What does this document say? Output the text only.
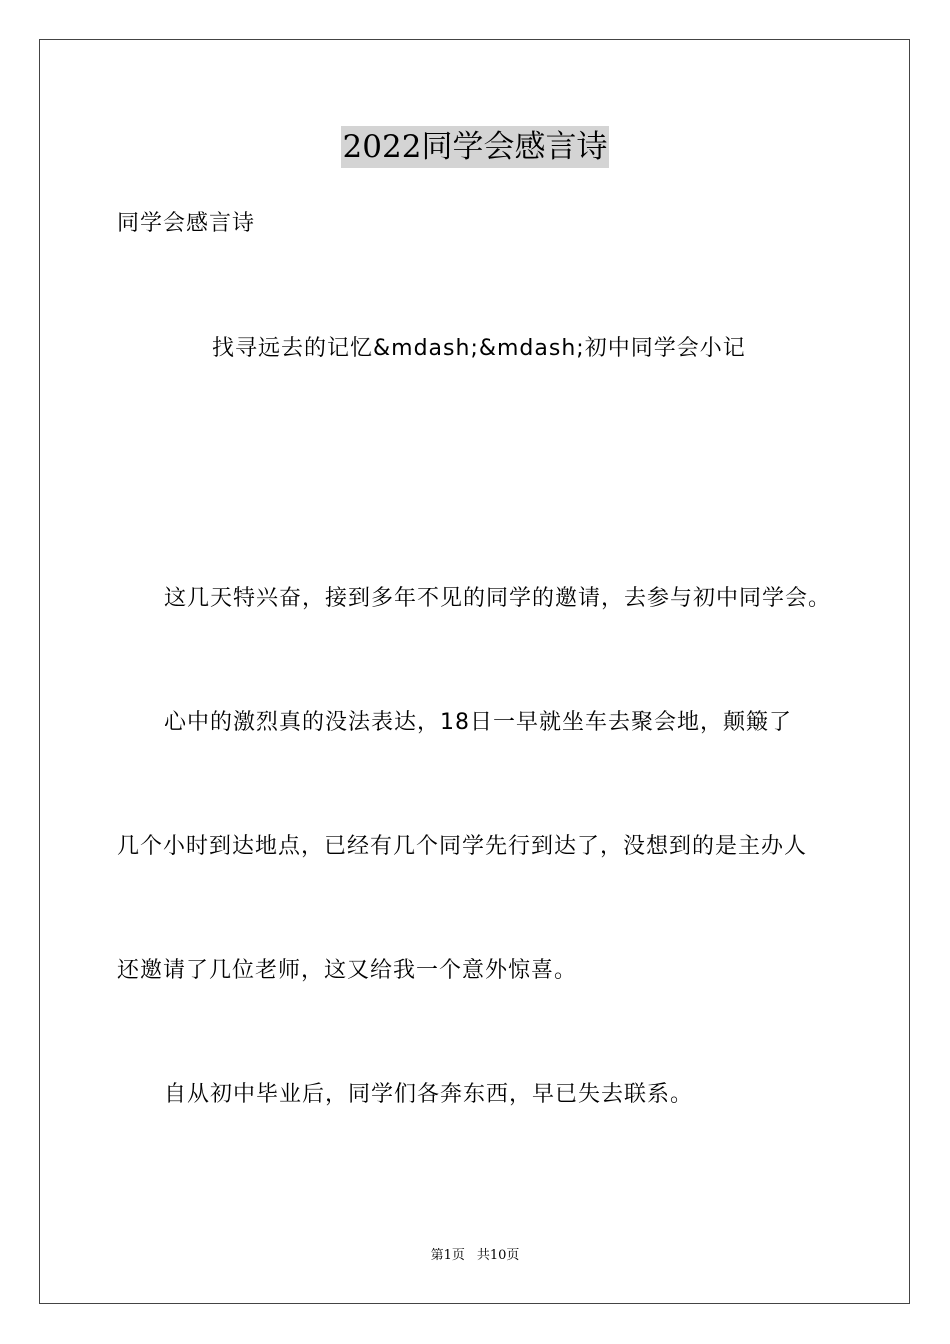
2022同学会感言诗
同学会感言诗
找寻远去的记忆&mdash;&mdash;初中同学会小记
这几天特兴奋，接到多年不见的同学的邀请，去参与初中同学会。
心中的激烈真的没法表达，18日一早就坐车去聚会地，颠簸了
几个小时到达地点，已经有几个同学先行到达了，没想到的是主办人
还邀请了几位老师，这又给我一个意外惊喜。
自从初中毕业后，同学们各奔东西，早已失去联系。
第1页 共10页
